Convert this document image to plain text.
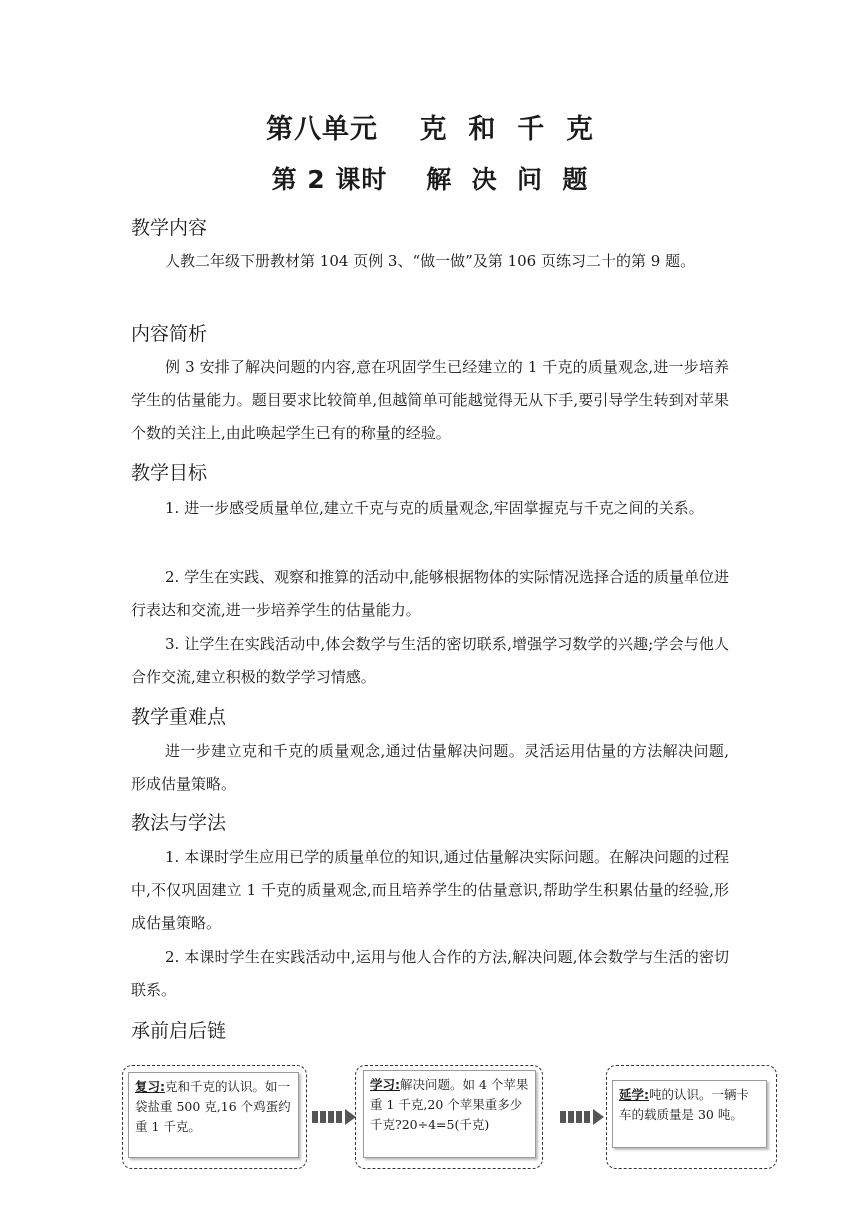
第八单元    克  和  千  克
第 2 课时    解  决  问  题
教学内容

人教二年级下册教材第 104 页例 3、“做一做”及第 106 页练习二十的第 9 题。

内容简析

例 3 安排了解决问题的内容,意在巩固学生已经建立的 1 千克的质量观念,进一步培养学生的估量能力。题目要求比较简单,但越简单可能越觉得无从下手,要引导学生转到对苹果个数的关注上,由此唤起学生已有的称量的经验。

教学目标

1. 进一步感受质量单位,建立千克与克的质量观念,牢固掌握克与千克之间的关系。

2. 学生在实践、观察和推算的活动中,能够根据物体的实际情况选择合适的质量单位进行表达和交流,进一步培养学生的估量能力。

3. 让学生在实践活动中,体会数学与生活的密切联系,增强学习数学的兴趣;学会与他人合作交流,建立积极的数学学习情感。

教学重难点

进一步建立克和千克的质量观念,通过估量解决问题。灵活运用估量的方法解决问题,形成估量策略。

教法与学法

1. 本课时学生应用已学的质量单位的知识,通过估量解决实际问题。在解决问题的过程中,不仅巩固建立 1 千克的质量观念,而且培养学生的估量意识,帮助学生积累估量的经验,形成估量策略。

2. 本课时学生在实践活动中,运用与他人合作的方法,解决问题,体会数学与生活的密切联系。

承前启后链
复习:克和千克的认识。如一袋盐重 500 克,16 个鸡蛋约重 1 千克。
学习:解决问题。如 4 个苹果重 1 千克,20 个苹果重多少千克?20÷4=5(千克)
延学:吨的认识。一辆卡车的载质量是 30 吨。
